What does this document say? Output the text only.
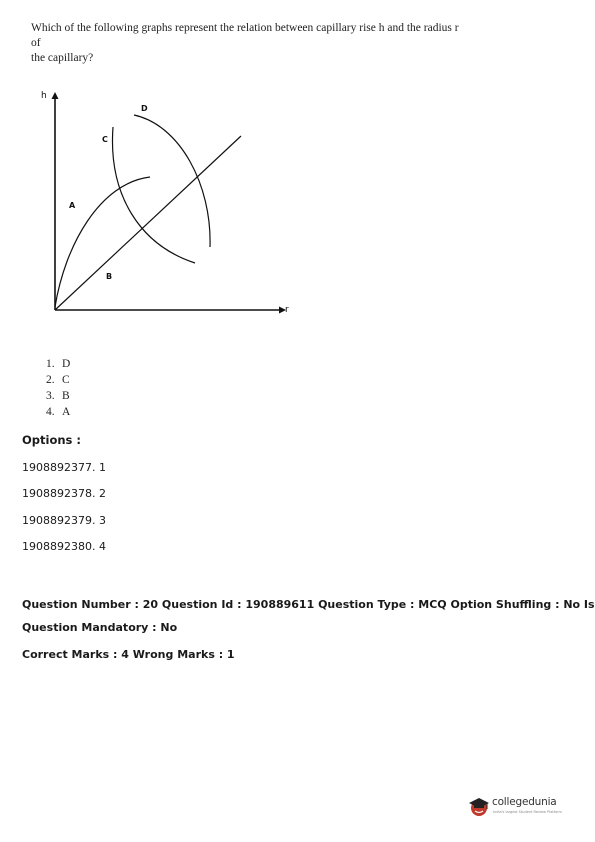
Which of the following graphs represent the relation between capillary rise h and the radius r of
the capillary?
h
r
A
B
C
D
1. D
2. C
3. B
4. A
Options :
1908892377. 1
1908892378. 2
1908892379. 3
1908892380. 4
Question Number : 20 Question Id : 190889611 Question Type : MCQ Option Shuffling : No Is
Question Mandatory : No
Correct Marks : 4 Wrong Marks : 1
collegedunia
India's largest Student Review Platform
